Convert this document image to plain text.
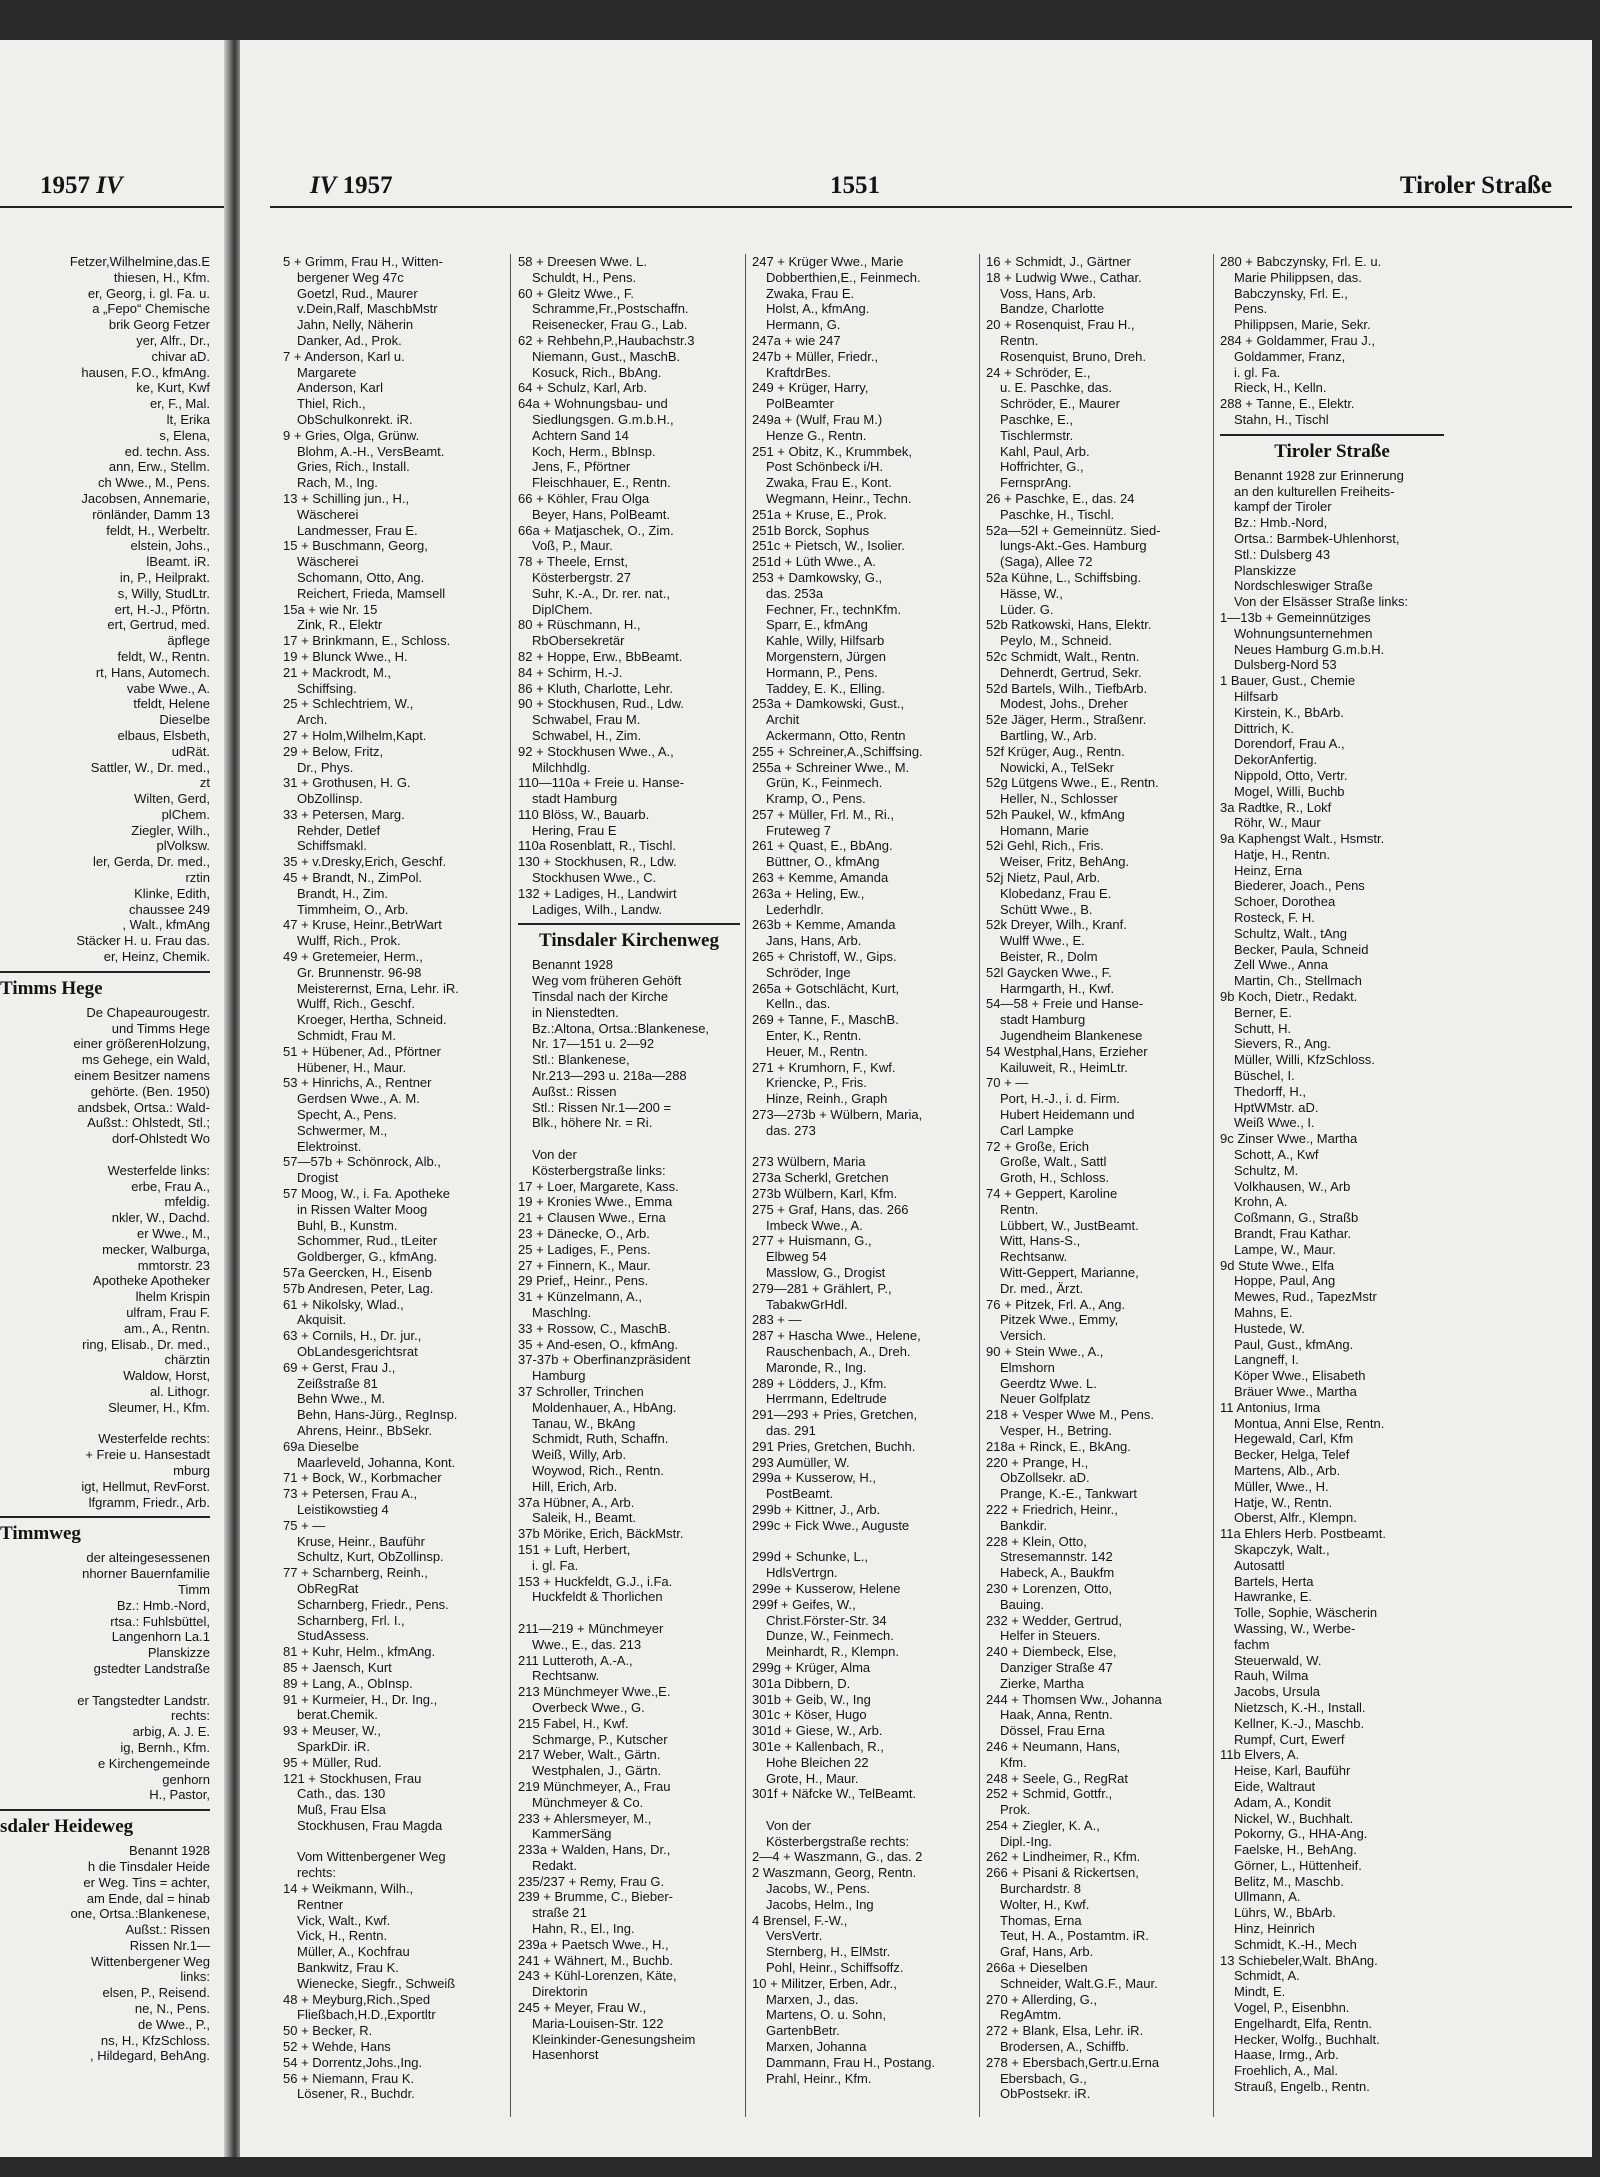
1957 IV
Fetzer,Wilhelmine,das.E
thiesen, H., Kfm.
er, Georg, i. gl. Fa. u.
a „Fepo“ Chemische
brik Georg Fetzer
yer, Alfr., Dr.,
chivar aD.
hausen, F.O., kfmAng.
ke, Kurt, Kwf
er, F., Mal.
lt, Erika
s, Elena,
ed. techn. Ass.
ann, Erw., Stellm.
ch Wwe., M., Pens.
Jacobsen, Annemarie,
rönländer, Damm 13
feldt, H., Werbeltr.
elstein, Johs.,
lBeamt. iR.
in, P., Heilprakt.
s, Willy, StudLtr.
ert, H.-J., Pförtn.
ert, Gertrud, med.
äpflege
feldt, W., Rentn.
rt, Hans, Automech.
vabe Wwe., A.
tfeldt, Helene
Dieselbe
elbaus, Elsbeth,
udRät.
Sattler, W., Dr. med.,
zt
Wilten, Gerd,
plChem.
Ziegler, Wilh.,
plVolksw.
ler, Gerda, Dr. med.,
rztin
Klinke, Edith,
chaussee 249
, Walt., kfmAng
Stäcker H. u. Frau das.
er, Heinz, Chemik.
Timms Hege
De Chapeaurougestr.
und Timms Hege
einer größerenHolzung,
ms Gehege, ein Wald,
einem Besitzer namens
gehörte. (Ben. 1950)
andsbek, Ortsa.: Wald-
Außst.: Ohlstedt, Stl.;
dorf-Ohlstedt Wo
Westerfelde links:
erbe, Frau A.,
mfeldig.
nkler, W., Dachd.
er Wwe., M.,
mecker, Walburga,
mmtorstr. 23
Apotheke Apotheker
lhelm Krispin
ulfram, Frau F.
am., A., Rentn.
ring, Elisab., Dr. med.,
chärztin
Waldow, Horst,
al. Lithogr.
Sleumer, H., Kfm.
Westerfelde rechts:
+ Freie u. Hansestadt
mburg
igt, Hellmut, RevForst.
lfgramm, Friedr., Arb.
Timmweg
der alteingesessenen
nhorner Bauernfamilie
Timm
Bz.: Hmb.-Nord,
rtsa.: Fuhlsbüttel,
Langenhorn La.1
Planskizze
gstedter Landstraße
er Tangstedter Landstr.
rechts:
arbig, A. J. E.
ig, Bernh., Kfm.
e Kirchengemeinde
genhorn
H., Pastor,
sdaler Heideweg
Benannt 1928
h die Tinsdaler Heide
er Weg. Tins = achter,
am Ende, dal = hinab
one, Ortsa.:Blankenese,
Außst.: Rissen
Rissen Nr.1—
Wittenbergener Weg
links:
elsen, P., Reisend.
ne, N., Pens.
de Wwe., P.,
ns, H., KfzSchloss.
, Hildegard, BehAng.
IV 1957	1551	Tiroler Straße
5 + Grimm, Frau H., Witten-
bergener Weg 47c
Goetzl, Rud., Maurer
v.Dein,Ralf, MaschbMstr
Jahn, Nelly, Näherin
Danker, Ad., Prok.
7 + Anderson, Karl u.
Margarete
Anderson, Karl
Thiel, Rich.,
ObSchulkonrekt. iR.
9 + Gries, Olga, Grünw.
Blohm, A.-H., VersBeamt.
Gries, Rich., Install.
Rach, M., Ing.
13 + Schilling jun., H.,
Wäscherei
Landmesser, Frau E.
15 + Buschmann, Georg,
Wäscherei
Schomann, Otto, Ang.
Reichert, Frieda, Mamsell
15a + wie Nr. 15
Zink, R., Elektr
17 + Brinkmann, E., Schloss.
19 + Blunck Wwe., H.
21 + Mackrodt, M.,
Schiffsing.
25 + Schlechtriem, W.,
Arch.
27 + Holm,Wilhelm,Kapt.
29 + Below, Fritz,
Dr., Phys.
31 + Grothusen, H. G.
ObZollinsp.
33 + Petersen, Marg.
Rehder, Detlef
Schiffsmakl.
35 + v.Dresky,Erich, Geschf.
45 + Brandt, N., ZimPol.
Brandt, H., Zim.
Timmheim, O., Arb.
47 + Kruse, Heinr.,BetrWart
Wulff, Rich., Prok.
49 + Gretemeier, Herm.,
Gr. Brunnenstr. 96-98
Meisterernst, Erna, Lehr. iR.
Wulff, Rich., Geschf.
Kroeger, Hertha, Schneid.
Schmidt, Frau M.
51 + Hübener, Ad., Pförtner
Hübener, H., Maur.
53 + Hinrichs, A., Rentner
Gerdsen Wwe., A. M.
Specht, A., Pens.
Schwermer, M.,
Elektroinst.
57—57b + Schönrock, Alb.,
Drogist
57 Moog, W., i. Fa. Apotheke
in Rissen Walter Moog
Buhl, B., Kunstm.
Schommer, Rud., tLeiter
Goldberger, G., kfmAng.
57a Geercken, H., Eisenb
57b Andresen, Peter, Lag.
61 + Nikolsky, Wlad.,
Akquisit.
63 + Cornils, H., Dr. jur.,
ObLandesgerichtsrat
69 + Gerst, Frau J.,
Zeißstraße 81
Behn Wwe., M.
Behn, Hans-Jürg., RegInsp.
Ahrens, Heinr., BbSekr.
69a Dieselbe
Maarleveld, Johanna, Kont.
71 + Bock, W., Korbmacher
73 + Petersen, Frau A.,
Leistikowstieg 4
75 + —
Kruse, Heinr., Bauführ
Schultz, Kurt, ObZollinsp.
77 + Scharnberg, Reinh.,
ObRegRat
Scharnberg, Friedr., Pens.
Scharnberg, Frl. I.,
StudAssess.
81 + Kuhr, Helm., kfmAng.
85 + Jaensch, Kurt
89 + Lang, A., ObInsp.
91 + Kurmeier, H., Dr. Ing.,
berat.Chemik.
93 + Meuser, W.,
SparkDir. iR.
95 + Müller, Rud.
121 + Stockhusen, Frau
Cath., das. 130
Muß, Frau Elsa
Stockhusen, Frau Magda
Vom Wittenbergener Weg
rechts:
14 + Weikmann, Wilh.,
Rentner
Vick, Walt., Kwf.
Vick, H., Rentn.
Müller, A., Kochfrau
Bankwitz, Frau K.
Wienecke, Siegfr., Schweiß
48 + Meyburg,Rich.,Sped
Fließbach,H.D.,Exportltr
50 + Becker, R.
52 + Wehde, Hans
54 + Dorrentz,Johs.,Ing.
56 + Niemann, Frau K.
Lösener, R., Buchdr.
58 + Dreesen Wwe. L.
Schuldt, H., Pens.
60 + Gleitz Wwe., F.
Schramme,Fr.,Postschaffn.
Reisenecker, Frau G., Lab.
62 + Rehbehn,P.,Haubachstr.3
Niemann, Gust., MaschB.
Kosuck, Rich., BbAng.
64 + Schulz, Karl, Arb.
64a + Wohnungsbau- und
Siedlungsgen. G.m.b.H.,
Achtern Sand 14
Koch, Herm., BbInsp.
Jens, F., Pförtner
Fleischhauer, E., Rentn.
66 + Köhler, Frau Olga
Beyer, Hans, PolBeamt.
66a + Matjaschek, O., Zim.
Voß, P., Maur.
78 + Theele, Ernst,
Kösterbergstr. 27
Suhr, K.-A., Dr. rer. nat.,
DiplChem.
80 + Rüschmann, H.,
RbObersekretär
82 + Hoppe, Erw., BbBeamt.
84 + Schirm, H.-J.
86 + Kluth, Charlotte, Lehr.
90 + Stockhusen, Rud., Ldw.
Schwabel, Frau M.
Schwabel, H., Zim.
92 + Stockhusen Wwe., A.,
Milchhdlg.
110—110a + Freie u. Hanse-
stadt Hamburg
110 Blöss, W., Bauarb.
Hering, Frau E
110a Rosenblatt, R., Tischl.
130 + Stockhusen, R., Ldw.
Stockhusen Wwe., C.
132 + Ladiges, H., Landwirt
Ladiges, Wilh., Landw.
Tinsdaler Kirchenweg
Benannt 1928
Weg vom früheren Gehöft
Tinsdal nach der Kirche
in Nienstedten.
Bz.:Altona, Ortsa.:Blankenese,
Nr. 17—151 u. 2—92
Stl.: Blankenese,
Nr.213—293 u. 218a—288
Außst.: Rissen
Stl.: Rissen Nr.1—200 =
Blk., höhere Nr. = Ri.
Von der
Kösterbergstraße links:
17 + Loer, Margarete, Kass.
19 + Kronies Wwe., Emma
21 + Clausen Wwe., Erna
23 + Dänecke, O., Arb.
25 + Ladiges, F., Pens.
27 + Finnern, K., Maur.
29 Prief,, Heinr., Pens.
31 + Künzelmann, A.,
Maschlng.
33 + Rossow, C., MaschB.
35 + And-esen, O., kfmAng.
37-37b + Oberfinanzpräsident
Hamburg
37 Schroller, Trinchen
Moldenhauer, A., HbAng.
Tanau, W., BkAng
Schmidt, Ruth, Schaffn.
Weiß, Willy, Arb.
Woywod, Rich., Rentn.
Hill, Erich, Arb.
37a Hübner, A., Arb.
Saleik, H., Beamt.
37b Mörike, Erich, BäckMstr.
151 + Luft, Herbert,
i. gl. Fa.
153 + Huckfeldt, G.J., i.Fa.
Huckfeldt & Thorlichen
211—219 + Münchmeyer
Wwe., E., das. 213
211 Lutteroth, A.-A.,
Rechtsanw.
213 Münchmeyer Wwe.,E.
Overbeck Wwe., G.
215 Fabel, H., Kwf.
Schmarge, P., Kutscher
217 Weber, Walt., Gärtn.
Westphalen, J., Gärtn.
219 Münchmeyer, A., Frau
Münchmeyer & Co.
233 + Ahlersmeyer, M.,
KammerSäng
233a + Walden, Hans, Dr.,
Redakt.
235/237 + Remy, Frau G.
239 + Brumme, C., Bieber-
straße 21
Hahn, R., El., Ing.
239a + Paetsch Wwe., H.,
241 + Wähnert, M., Buchb.
243 + Kühl-Lorenzen, Käte,
Direktorin
245 + Meyer, Frau W.,
Maria-Louisen-Str. 122
Kleinkinder-Genesungsheim
Hasenhorst
247 + Krüger Wwe., Marie
Dobberthien,E., Feinmech.
Zwaka, Frau E.
Holst, A., kfmAng.
Hermann, G.
247a + wie 247
247b + Müller, Friedr.,
KraftdrBes.
249 + Krüger, Harry,
PolBeamter
249a + (Wulf, Frau M.)
Henze G., Rentn.
251 + Obitz, K., Krummbek,
Post Schönbeck i/H.
Zwaka, Frau E., Kont.
Wegmann, Heinr., Techn.
251a + Kruse, E., Prok.
251b Borck, Sophus
251c + Pietsch, W., Isolier.
251d + Lüth Wwe., A.
253 + Damkowsky, G.,
das. 253a
Fechner, Fr., technKfm.
Sparr, E., kfmAng
Kahle, Willy, Hilfsarb
Morgenstern, Jürgen
Hormann, P., Pens.
Taddey, E. K., Elling.
253a + Damkowski, Gust.,
Archit
Ackermann, Otto, Rentn
255 + Schreiner,A.,Schiffsing.
255a + Schreiner Wwe., M.
Grün, K., Feinmech.
Kramp, O., Pens.
257 + Müller, Frl. M., Ri.,
Fruteweg 7
261 + Quast, E., BbAng.
Büttner, O., kfmAng
263 + Kemme, Amanda
263a + Heling, Ew.,
Lederhdlr.
263b + Kemme, Amanda
Jans, Hans, Arb.
265 + Christoff, W., Gips.
Schröder, Inge
265a + Gotschlächt, Kurt,
Kelln., das.
269 + Tanne, F., MaschB.
Enter, K., Rentn.
Heuer, M., Rentn.
271 + Krumhorn, F., Kwf.
Kriencke, P., Fris.
Hinze, Reinh., Graph
273—273b + Wülbern, Maria,
das. 273
273 Wülbern, Maria
273a Scherkl, Gretchen
273b Wülbern, Karl, Kfm.
275 + Graf, Hans, das. 266
Imbeck Wwe., A.
277 + Huismann, G.,
Elbweg 54
Masslow, G., Drogist
279—281 + Grählert, P.,
TabakwGrHdl.
283 + —
287 + Hascha Wwe., Helene,
Rauschenbach, A., Dreh.
Maronde, R., Ing.
289 + Lödders, J., Kfm.
Herrmann, Edeltrude
291—293 + Pries, Gretchen,
das. 291
291 Pries, Gretchen, Buchh.
293 Aumüller, W.
299a + Kusserow, H.,
PostBeamt.
299b + Kittner, J., Arb.
299c + Fick Wwe., Auguste
299d + Schunke, L.,
HdlsVertrgn.
299e + Kusserow, Helene
299f + Geifes, W.,
Christ.Förster-Str. 34
Dunze, W., Feinmech.
Meinhardt, R., Klempn.
299g + Krüger, Alma
301a Dibbern, D.
301b + Geib, W., Ing
301c + Köser, Hugo
301d + Giese, W., Arb.
301e + Kallenbach, R.,
Hohe Bleichen 22
Grote, H., Maur.
301f + Näfcke W., TelBeamt.
Von der
Kösterbergstraße rechts:
2—4 + Waszmann, G., das. 2
2 Waszmann, Georg, Rentn.
Jacobs, W., Pens.
Jacobs, Helm., Ing
4 Brensel, F.-W.,
VersVertr.
Sternberg, H., ElMstr.
Pohl, Heinr., Schiffsoffz.
10 + Militzer, Erben, Adr.,
Marxen, J., das.
Martens, O. u. Sohn,
GartenbBetr.
Marxen, Johanna
Dammann, Frau H., Postang.
Prahl, Heinr., Kfm.
16 + Schmidt, J., Gärtner
18 + Ludwig Wwe., Cathar.
Voss, Hans, Arb.
Bandze, Charlotte
20 + Rosenquist, Frau H.,
Rentn.
Rosenquist, Bruno, Dreh.
24 + Schröder, E.,
u. E. Paschke, das.
Schröder, E., Maurer
Paschke, E.,
Tischlermstr.
Kahl, Paul, Arb.
Hoffrichter, G.,
FernsprAng.
26 + Paschke, E., das. 24
Paschke, H., Tischl.
52a—52l + Gemeinnütz. Sied-
lungs-Akt.-Ges. Hamburg
(Saga), Allee 72
52a Kühne, L., Schiffsbing.
Hässe, W.,
Lüder. G.
52b Ratkowski, Hans, Elektr.
Peylo, M., Schneid.
52c Schmidt, Walt., Rentn.
Dehnerdt, Gertrud, Sekr.
52d Bartels, Wilh., TiefbArb.
Modest, Johs., Dreher
52e Jäger, Herm., Straßenr.
Bartling, W., Arb.
52f Krüger, Aug., Rentn.
Nowicki, A., TelSekr
52g Lütgens Wwe., E., Rentn.
Heller, N., Schlosser
52h Paukel, W., kfmAng
Homann, Marie
52i Gehl, Rich., Fris.
Weiser, Fritz, BehAng.
52j Nietz, Paul, Arb.
Klobedanz, Frau E.
Schütt Wwe., B.
52k Dreyer, Wilh., Kranf.
Wulff Wwe., E.
Beister, R., Dolm
52l Gaycken Wwe., F.
Harmgarth, H., Kwf.
54—58 + Freie und Hanse-
stadt Hamburg
Jugendheim Blankenese
54 Westphal,Hans, Erzieher
Kailuweit, R., HeimLtr.
70 + —
Port, H.-J., i. d. Firm.
Hubert Heidemann und
Carl Lampke
72 + Große, Erich
Große, Walt., Sattl
Groth, H., Schloss.
74 + Geppert, Karoline
Rentn.
Lübbert, W., JustBeamt.
Witt, Hans-S.,
Rechtsanw.
Witt-Geppert, Marianne,
Dr. med., Ärzt.
76 + Pitzek, Frl. A., Ang.
Pitzek Wwe., Emmy,
Versich.
90 + Stein Wwe., A.,
Elmshorn
Geerdtz Wwe. L.
Neuer Golfplatz
218 + Vesper Wwe M., Pens.
Vesper, H., Betring.
218a + Rinck, E., BkAng.
220 + Prange, H.,
ObZollsekr. aD.
Prange, K.-E., Tankwart
222 + Friedrich, Heinr.,
Bankdir.
228 + Klein, Otto,
Stresemannstr. 142
Habeck, A., Baukfm
230 + Lorenzen, Otto,
Bauing.
232 + Wedder, Gertrud,
Helfer in Steuers.
240 + Diembeck, Else,
Danziger Straße 47
Zierke, Martha
244 + Thomsen Ww., Johanna
Haak, Anna, Rentn.
Dössel, Frau Erna
246 + Neumann, Hans,
Kfm.
248 + Seele, G., RegRat
252 + Schmid, Gottfr.,
Prok.
254 + Ziegler, K. A.,
Dipl.-Ing.
262 + Lindheimer, R., Kfm.
266 + Pisani & Rickertsen,
Burchardstr. 8
Wolter, H., Kwf.
Thomas, Erna
Teut, H. A., Postamtm. iR.
Graf, Hans, Arb.
266a + Dieselben
Schneider, Walt.G.F., Maur.
270 + Allerding, G.,
RegAmtm.
272 + Blank, Elsa, Lehr. iR.
Brodersen, A., Schiffb.
278 + Ebersbach,Gertr.u.Erna
Ebersbach, G.,
ObPostsekr. iR.
280 + Babczynsky, Frl. E. u.
Marie Philippsen, das.
Babczynsky, Frl. E.,
Pens.
Philippsen, Marie, Sekr.
284 + Goldammer, Frau J.,
Goldammer, Franz,
i. gl. Fa.
Rieck, H., Kelln.
288 + Tanne, E., Elektr.
Stahn, H., Tischl
Tiroler Straße
Benannt 1928 zur Erinnerung
an den kulturellen Freiheits-
kampf der Tiroler
Bz.: Hmb.-Nord,
Ortsa.: Barmbek-Uhlenhorst,
Stl.: Dulsberg 43
Planskizze
Nordschleswiger Straße
Von der Elsässer Straße links:
1—13b + Gemeinnütziges
Wohnungsunternehmen
Neues Hamburg G.m.b.H.
Dulsberg-Nord 53
1 Bauer, Gust., Chemie
Hilfsarb
Kirstein, K., BbArb.
Dittrich, K.
Dorendorf, Frau A.,
DekorAnfertig.
Nippold, Otto, Vertr.
Mogel, Willi, Buchb
3a Radtke, R., Lokf
Röhr, W., Maur
9a Kaphengst Walt., Hsmstr.
Hatje, H., Rentn.
Heinz, Erna
Biederer, Joach., Pens
Schoer, Dorothea
Rosteck, F. H.
Schultz, Walt., tAng
Becker, Paula, Schneid
Zell Wwe., Anna
Martin, Ch., Stellmach
9b Koch, Dietr., Redakt.
Berner, E.
Schutt, H.
Sievers, R., Ang.
Müller, Willi, KfzSchloss.
Büschel, I.
Thedorff, H.,
HptWMstr. aD.
Weiß Wwe., I.
9c Zinser Wwe., Martha
Schott, A., Kwf
Schultz, M.
Volkhausen, W., Arb
Krohn, A.
Coßmann, G., Straßb
Brandt, Frau Kathar.
Lampe, W., Maur.
9d Stute Wwe., Elfa
Hoppe, Paul, Ang
Mewes, Rud., TapezMstr
Mahns, E.
Hustede, W.
Paul, Gust., kfmAng.
Langneff, I.
Köper Wwe., Elisabeth
Bräuer Wwe., Martha
11 Antonius, Irma
Montua, Anni Else, Rentn.
Hegewald, Carl, Kfm
Becker, Helga, Telef
Martens, Alb., Arb.
Müller, Wwe., H.
Hatje, W., Rentn.
Oberst, Alfr., Klempn.
11a Ehlers Herb. Postbeamt.
Skapczyk, Walt.,
Autosattl
Bartels, Herta
Hawranke, E.
Tolle, Sophie, Wäscherin
Wassing, W., Werbe-
fachm
Steuerwald, W.
Rauh, Wilma
Jacobs, Ursula
Nietzsch, K.-H., Install.
Kellner, K.-J., Maschb.
Rumpf, Curt, Ewerf
11b Elvers, A.
Heise, Karl, Bauführ
Eide, Waltraut
Adam, A., Kondit
Nickel, W., Buchhalt.
Pokorny, G., HHA-Ang.
Faelske, H., BehAng.
Görner, L., Hüttenheif.
Belitz, M., Maschb.
Ullmann, A.
Lührs, W., BbArb.
Hinz, Heinrich
Schmidt, K.-H., Mech
13 Schiebeler,Walt. BhAng.
Schmidt, A.
Mindt, E.
Vogel, P., Eisenbhn.
Engelhardt, Elfa, Rentn.
Hecker, Wolfg., Buchhalt.
Haase, Irmg., Arb.
Froehlich, A., Mal.
Strauß, Engelb., Rentn.
